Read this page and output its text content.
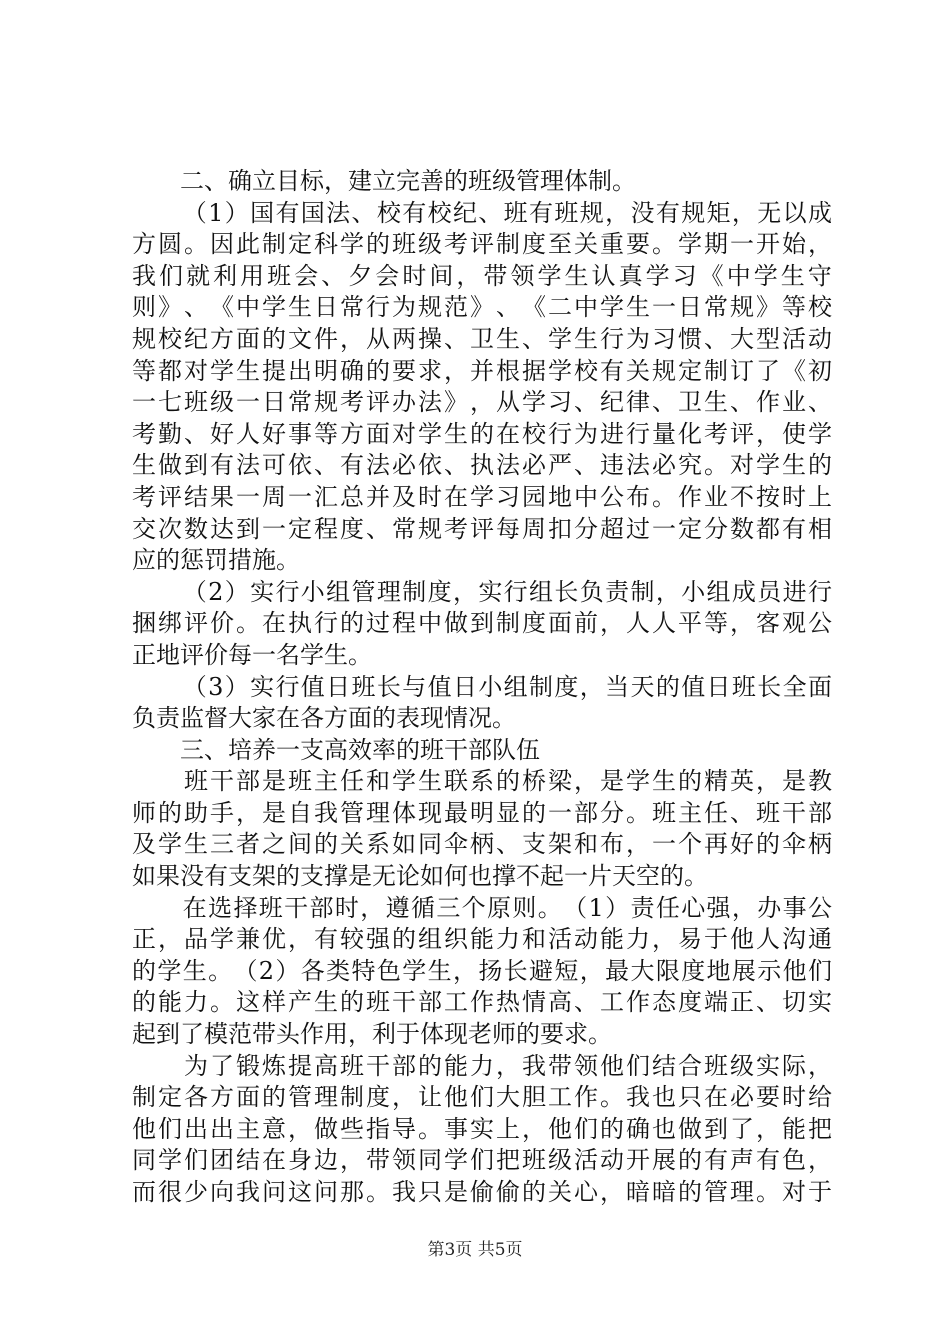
　　二、确立目标，建立完善的班级管理体制。

（ 1 ） 国 有 国 法 、 校 有 校 纪 、 班 有 班 规 ， 没 有 规 矩 ， 无 以 成
方 圆 。 因 此 制 定 科 学 的 班 级 考 评 制 度 至 关 重 要 。 学 期 一 开 始 ，
我 们 就 利 用 班 会 、 夕 会 时 间 ， 带 领 学 生 认 真 学 习 《 中 学 生 守
则 》 、 《 中 学 生 日 常 行 为 规 范 》 、 《 二 中 学 生 一 日 常 规 》 等 校
规 校 纪 方 面 的 文 件 ， 从 两 操 、 卫 生 、 学 生 行 为 习 惯 、 大 型 活 动
等 都 对 学 生 提 出 明 确 的 要 求 ， 并 根 据 学 校 有 关 规 定 制 订 了 《 初
一 七 班 级 一 日 常 规 考 评 办 法 》 ， 从 学 习 、 纪 律 、 卫 生 、 作 业 、
考 勤 、 好 人 好 事 等 方 面 对 学 生 的 在 校 行 为 进 行 量 化 考 评 ， 使 学
生 做 到 有 法 可 依 、 有 法 必 依 、 执 法 必 严 、 违 法 必 究 。 对 学 生 的
考 评 结 果 一 周 一 汇 总 并 及 时 在 学 习 园 地 中 公 布 。 作 业 不 按 时 上
交 次 数 达 到 一 定 程 度 、 常 规 考 评 每 周 扣 分 超 过 一 定 分 数 都 有 相
应的惩罚措施。

（ 2 ） 实 行 小 组 管 理 制 度 ， 实 行 组 长 负 责 制 ， 小 组 成 员 进 行
捆 绑 评 价 。 在 执 行 的 过 程 中 做 到 制 度 面 前 ， 人 人 平 等 ， 客 观 公
正地评价每一名学生。

（ 3 ） 实 行 值 日 班 长 与 值 日 小 组 制 度 ， 当 天 的 值 日 班 长 全 面
负责监督大家在各方面的表现情况。
　　三、培养一支高效率的班干部队伍

班 干 部 是 班 主 任 和 学 生 联 系 的 桥 梁 ， 是 学 生 的 精 英 ， 是 教
师 的 助 手 ， 是 自 我 管 理 体 现 最 明 显 的 一 部 分 。 班 主 任 、 班 干 部
及 学 生 三 者 之 间 的 关 系 如 同 伞 柄 、 支 架 和 布 ， 一 个 再 好 的 伞 柄
如果没有支架的支撑是无论如何也撑不起一片天空的。

在 选 择 班 干 部 时 ， 遵 循 三 个 原 则 。 （ 1 ） 责 任 心 强 ， 办 事 公
正 ， 品 学 兼 优 ， 有 较 强 的 组 织 能 力 和 活 动 能 力 ， 易 于 他 人 沟 通
的 学 生 。 （ 2 ） 各 类 特 色 学 生 ， 扬 长 避 短 ， 最 大 限 度 地 展 示 他 们
的 能 力 。 这 样 产 生 的 班 干 部 工 作 热 情 高 、 工 作 态 度 端 正 、 切 实
起到了模范带头作用，利于体现老师的要求。

为 了 锻 炼 提 高 班 干 部 的 能 力 ， 我 带 领 他 们 结 合 班 级 实 际 ，
制 定 各 方 面 的 管 理 制 度 ， 让 他 们 大 胆 工 作 。 我 也 只 在 必 要 时 给
他 们 出 出 主 意 ， 做 些 指 导 。 事 实 上 ， 他 们 的 确 也 做 到 了 ， 能 把
同 学 们 团 结 在 身 边 ， 带 领 同 学 们 把 班 级 活 动 开 展 的 有 声 有 色 ，
而 很 少 向 我 问 这 问 那 。 我 只 是 偷 偷 的 关 心 ， 暗 暗 的 管 理 。 对 于
第3页 共5页
